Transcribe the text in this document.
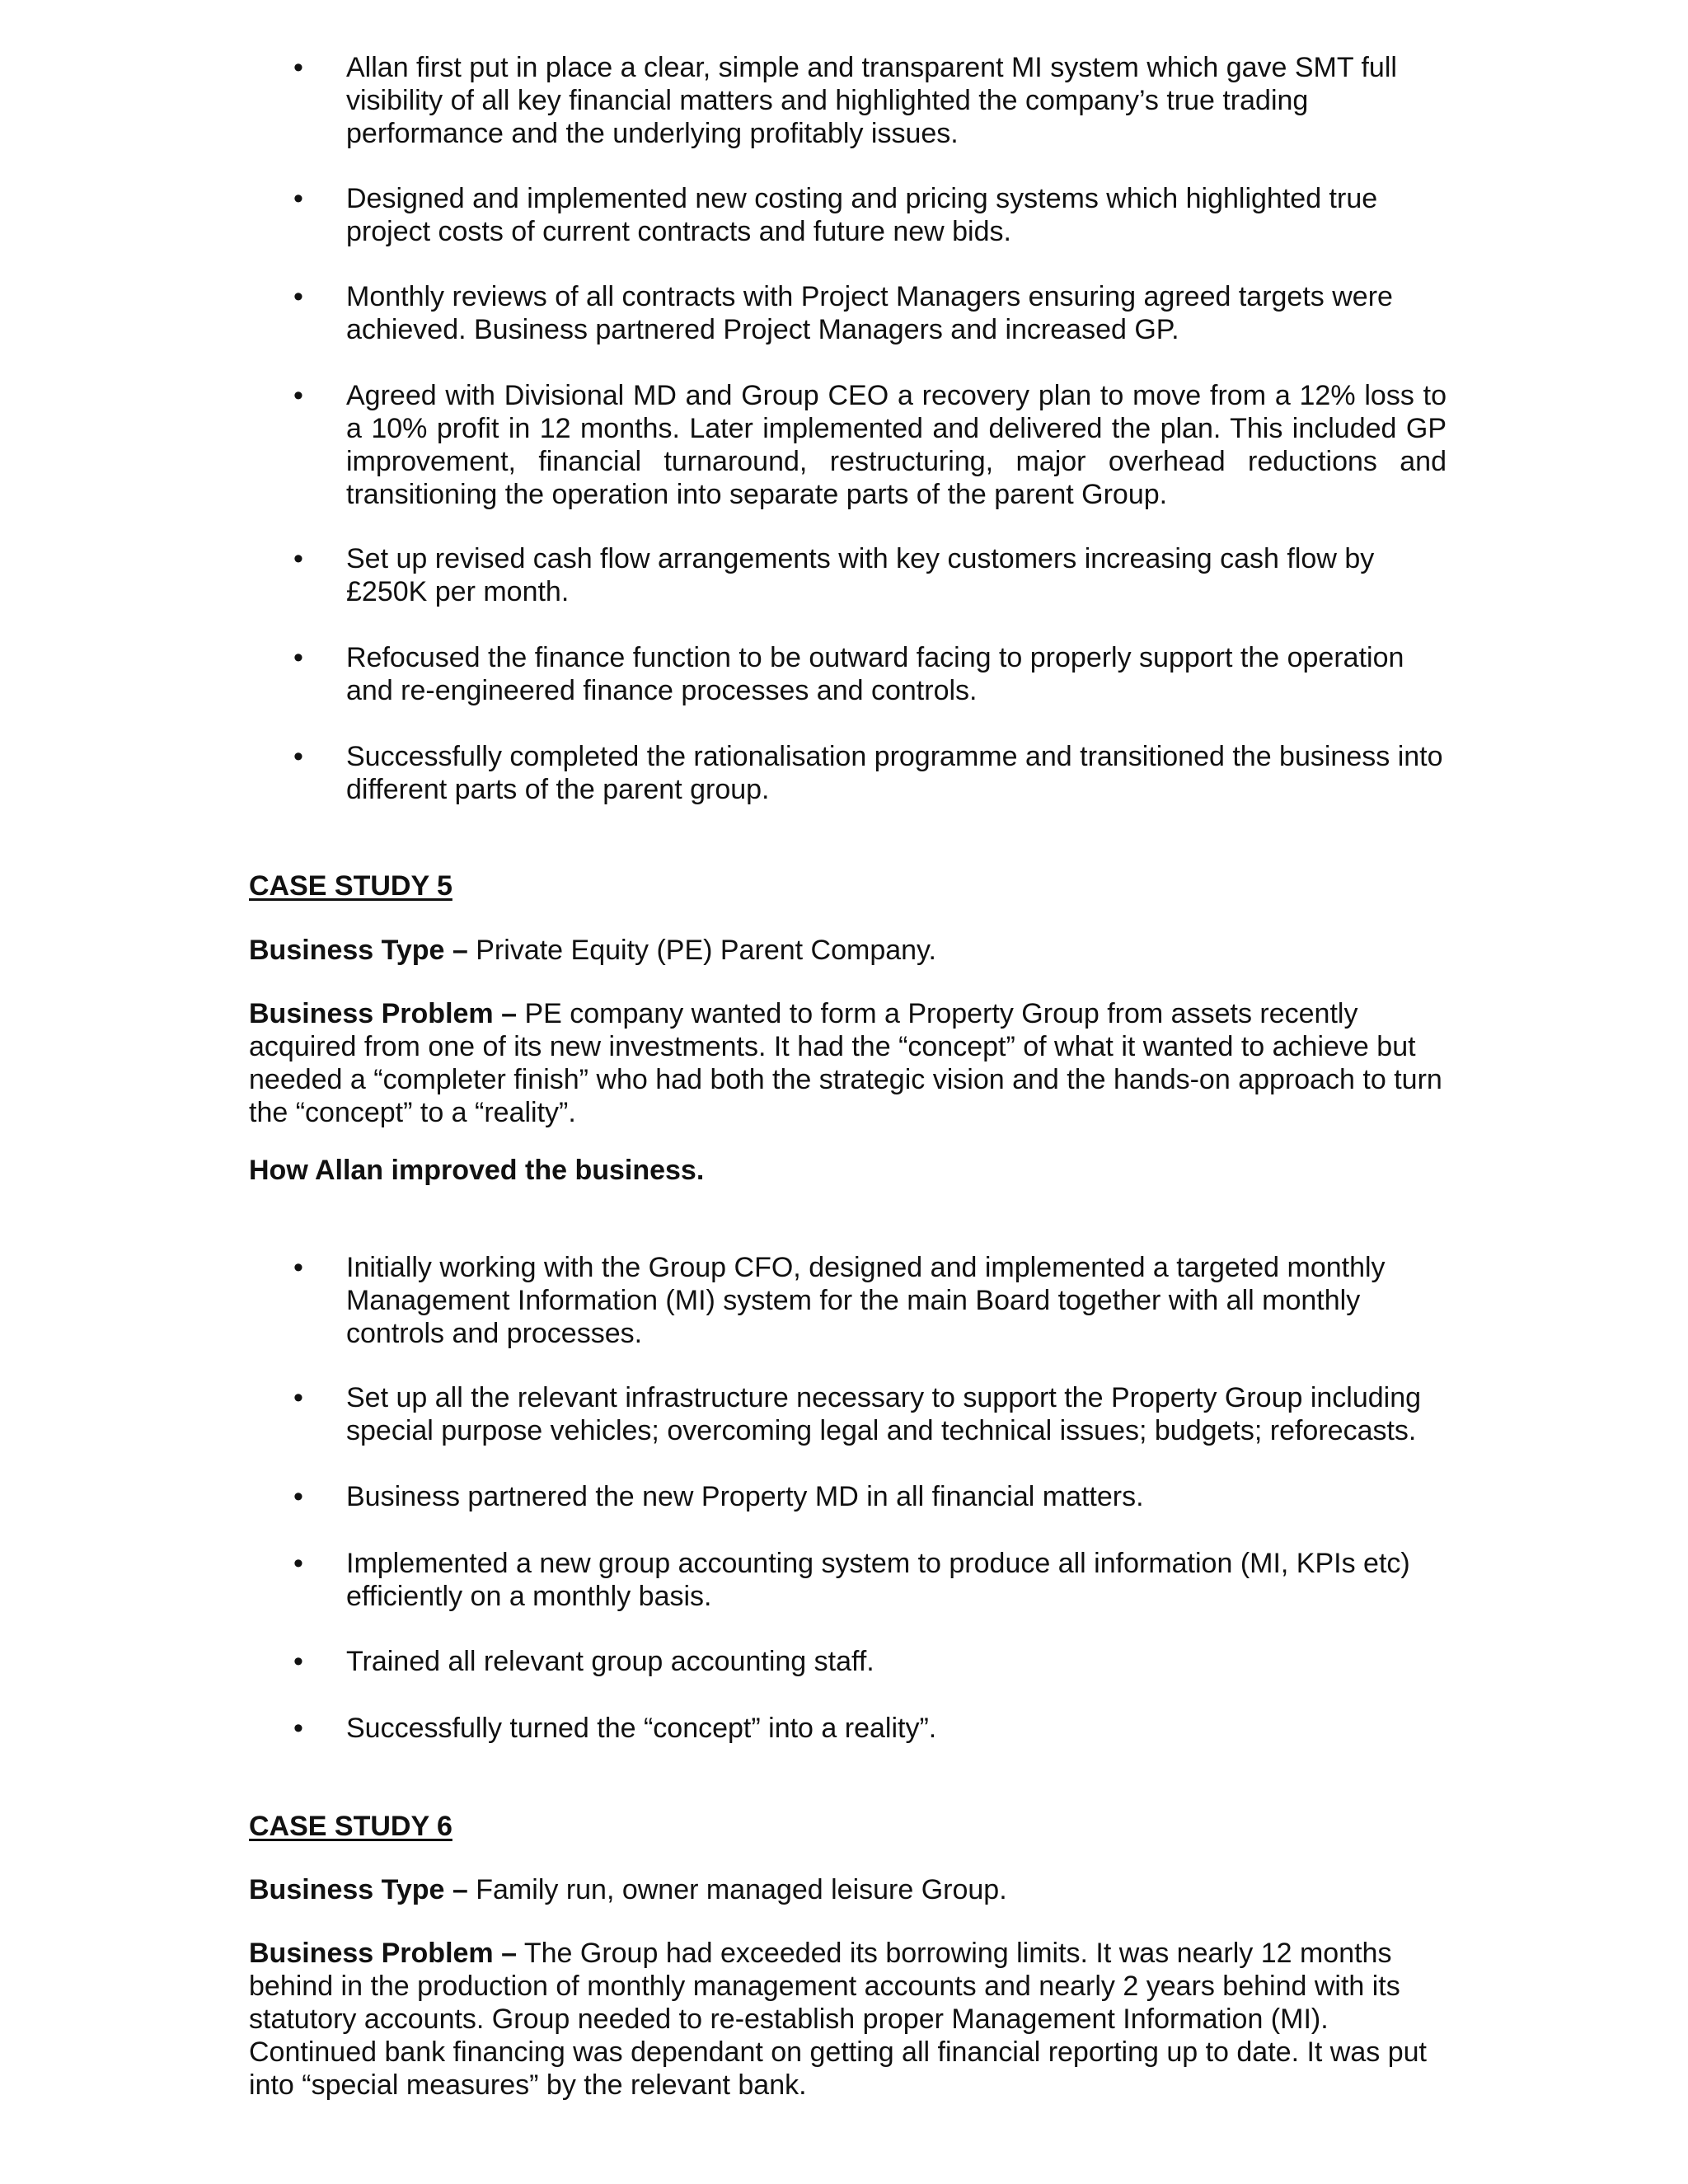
• Allan first put in place a clear, simple and transparent MI system which gave SMT full
visibility of all key financial matters and highlighted the company’s true trading
performance and the underlying profitably issues.
• Designed and implemented new costing and pricing systems which highlighted true
project costs of current contracts and future new bids.
• Monthly reviews of all contracts with Project Managers ensuring agreed targets were
achieved. Business partnered Project Managers and increased GP.
• Agreed with Divisional MD and Group CEO a recovery plan to move from a 12% loss to a 10% profit in 12 months. Later implemented and delivered the plan. This included GP improvement, financial turnaround, restructuring, major overhead reductions and transitioning the operation into separate parts of the parent Group.
• Set up revised cash flow arrangements with key customers increasing cash flow by
£250K per month.
• Refocused the finance function to be outward facing to properly support the operation
and re-engineered finance processes and controls.
• Successfully completed the rationalisation programme and transitioned the business into
different parts of the parent group.
CASE STUDY 5
Business Type – Private Equity (PE) Parent Company.
Business Problem – PE company wanted to form a Property Group from assets recently
acquired from one of its new investments. It had the “concept” of what it wanted to achieve but
needed a “completer finish” who had both the strategic vision and the hands-on approach to turn
the “concept” to a “reality”.
How Allan improved the business.
• Initially working with the Group CFO, designed and implemented a targeted monthly
Management Information (MI) system for the main Board together with all monthly
controls and processes.
• Set up all the relevant infrastructure necessary to support the Property Group including
special purpose vehicles; overcoming legal and technical issues; budgets; reforecasts.
• Business partnered the new Property MD in all financial matters.
• Implemented a new group accounting system to produce all information (MI, KPIs etc)
efficiently on a monthly basis.
• Trained all relevant group accounting staff.
• Successfully turned the “concept” into a reality”.
CASE STUDY 6
Business Type – Family run, owner managed leisure Group.
Business Problem – The Group had exceeded its borrowing limits. It was nearly 12 months
behind in the production of monthly management accounts and nearly 2 years behind with its
statutory accounts. Group needed to re-establish proper Management Information (MI).
Continued bank financing was dependant on getting all financial reporting up to date. It was put
into “special measures” by the relevant bank.
